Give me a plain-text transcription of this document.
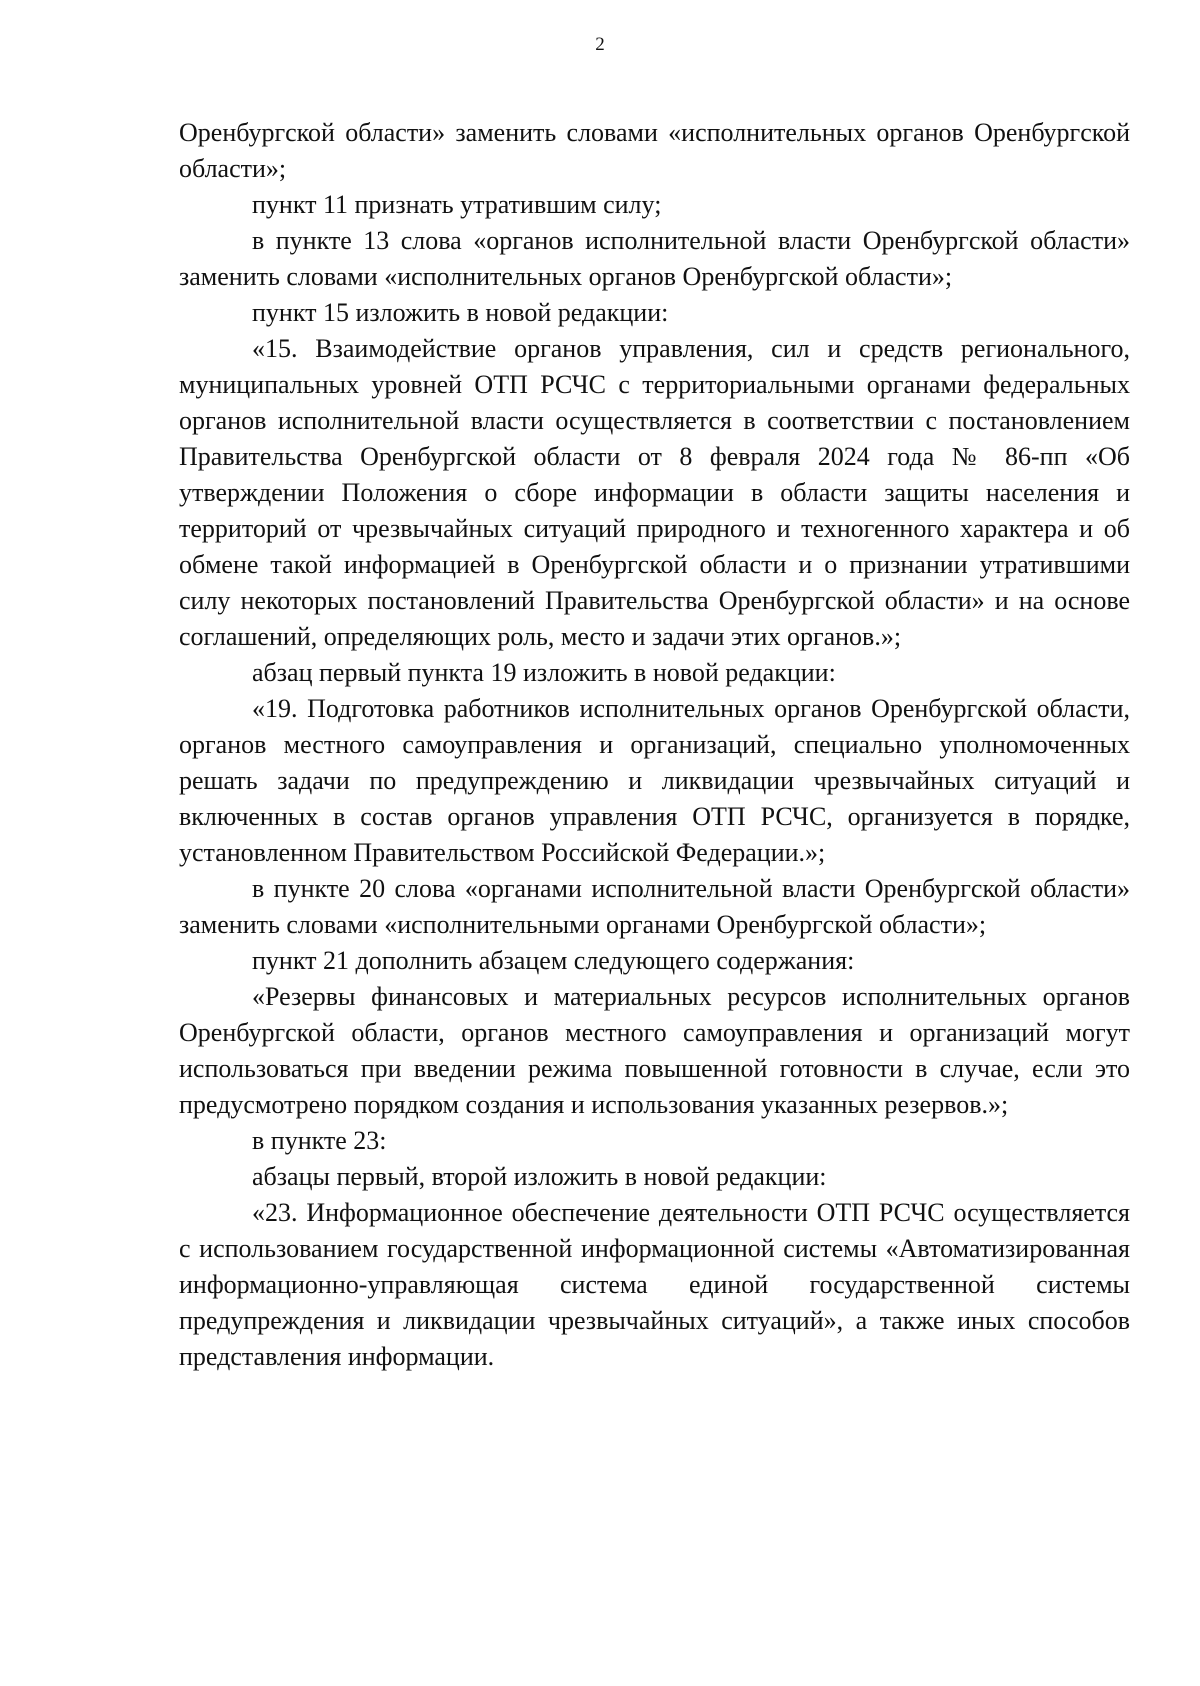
2

Оренбургской области» заменить словами «исполнительных органов Оренбургской области»;

пункт 11 признать утратившим силу;

в пункте 13 слова «органов исполнительной власти Оренбургской области» заменить словами «исполнительных органов Оренбургской области»;

пункт 15 изложить в новой редакции:

«15. Взаимодействие органов управления, сил и средств регионального, муниципальных уровней ОТП РСЧС с территориальными органами федеральных органов исполнительной власти осуществляется в соответствии с постановлением Правительства Оренбургской области от 8 февраля 2024 года № 86-пп «Об утверждении Положения о сборе информации в области защиты населения и территорий от чрезвычайных ситуаций природного и техногенного характера и об обмене такой информацией в Оренбургской области и о признании утратившими силу некоторых постановлений Правительства Оренбургской области» и на основе соглашений, определяющих роль, место и задачи этих органов.»;

абзац первый пункта 19 изложить в новой редакции:

«19. Подготовка работников исполнительных органов Оренбургской области, органов местного самоуправления и организаций, специально уполномоченных решать задачи по предупреждению и ликвидации чрезвычайных ситуаций и включенных в состав органов управления ОТП РСЧС, организуется в порядке, установленном Правительством Российской Федерации.»;

в пункте 20 слова «органами исполнительной власти Оренбургской области» заменить словами «исполнительными органами Оренбургской области»;

пункт 21 дополнить абзацем следующего содержания:

«Резервы финансовых и материальных ресурсов исполнительных органов Оренбургской области, органов местного самоуправления и организаций могут использоваться при введении режима повышенной готовности в случае, если это предусмотрено порядком создания и использования указанных резервов.»;

в пункте 23:

абзацы первый, второй изложить в новой редакции:

«23. Информационное обеспечение деятельности ОТП РСЧС осуществляется с использованием государственной информационной системы «Автоматизированная информационно-управляющая система единой государственной системы предупреждения и ликвидации чрезвычайных ситуаций», а также иных способов представления информации.
